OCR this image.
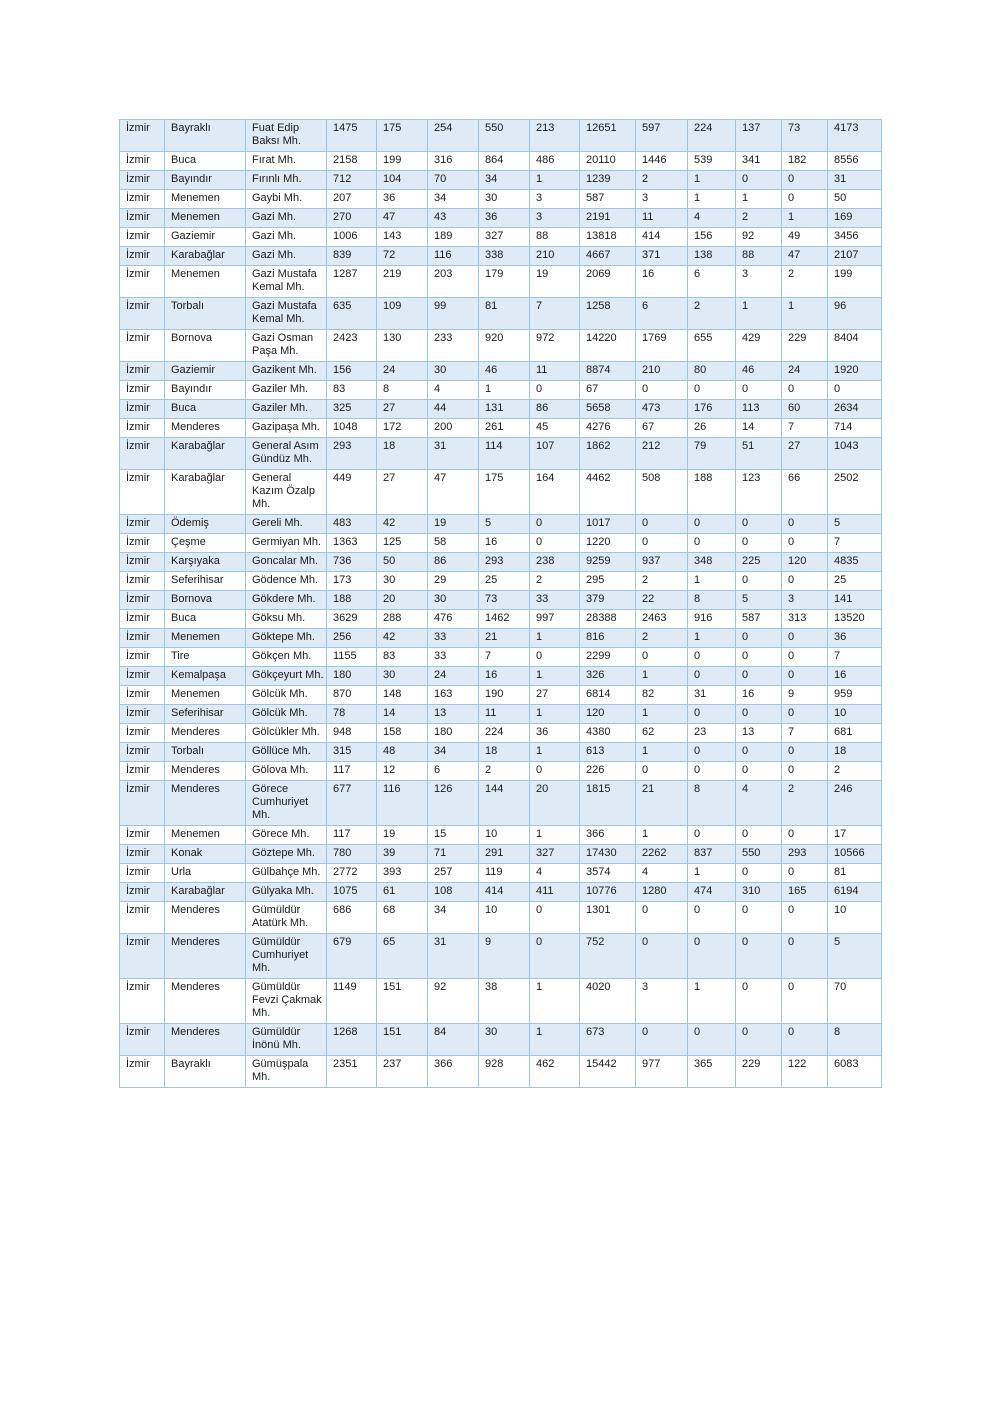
İzmir	Bayraklı	Fuat Edip Baksı Mh.	1475	175	254	550	213	12651	597	224	137	73	4173
İzmir	Buca	Fırat Mh.	2158	199	316	864	486	20110	1446	539	341	182	8556
İzmir	Bayındır	Fırınlı Mh.	712	104	70	34	1	1239	2	1	0	0	31
İzmir	Menemen	Gaybi Mh.	207	36	34	30	3	587	3	1	1	0	50
İzmir	Menemen	Gazi Mh.	270	47	43	36	3	2191	11	4	2	1	169
İzmir	Gaziemir	Gazi Mh.	1006	143	189	327	88	13818	414	156	92	49	3456
İzmir	Karabağlar	Gazi Mh.	839	72	116	338	210	4667	371	138	88	47	2107
İzmir	Menemen	Gazi Mustafa Kemal Mh.	1287	219	203	179	19	2069	16	6	3	2	199
İzmir	Torbalı	Gazi Mustafa Kemal Mh.	635	109	99	81	7	1258	6	2	1	1	96
İzmir	Bornova	Gazi Osman Paşa Mh.	2423	130	233	920	972	14220	1769	655	429	229	8404
İzmir	Gaziemir	Gazikent Mh.	156	24	30	46	11	8874	210	80	46	24	1920
İzmir	Bayındır	Gaziler Mh.	83	8	4	1	0	67	0	0	0	0	0
İzmir	Buca	Gaziler Mh.	325	27	44	131	86	5658	473	176	113	60	2634
İzmir	Menderes	Gazipaşa Mh.	1048	172	200	261	45	4276	67	26	14	7	714
İzmir	Karabağlar	General Asım Gündüz Mh.	293	18	31	114	107	1862	212	79	51	27	1043
İzmir	Karabağlar	General Kazım Özalp Mh.	449	27	47	175	164	4462	508	188	123	66	2502
İzmir	Ödemiş	Gereli Mh.	483	42	19	5	0	1017	0	0	0	0	5
İzmir	Çeşme	Germiyan Mh.	1363	125	58	16	0	1220	0	0	0	0	7
İzmir	Karşıyaka	Goncalar Mh.	736	50	86	293	238	9259	937	348	225	120	4835
İzmir	Seferihisar	Gödence Mh.	173	30	29	25	2	295	2	1	0	0	25
İzmir	Bornova	Gökdere Mh.	188	20	30	73	33	379	22	8	5	3	141
İzmir	Buca	Göksu Mh.	3629	288	476	1462	997	28388	2463	916	587	313	13520
İzmir	Menemen	Göktepe Mh.	256	42	33	21	1	816	2	1	0	0	36
İzmir	Tire	Gökçen Mh.	1155	83	33	7	0	2299	0	0	0	0	7
İzmir	Kemalpaşa	Gökçeyurt Mh.	180	30	24	16	1	326	1	0	0	0	16
İzmir	Menemen	Gölcük Mh.	870	148	163	190	27	6814	82	31	16	9	959
İzmir	Seferihisar	Gölcük Mh.	78	14	13	11	1	120	1	0	0	0	10
İzmir	Menderes	Gölcükler Mh.	948	158	180	224	36	4380	62	23	13	7	681
İzmir	Torbalı	Göllüce Mh.	315	48	34	18	1	613	1	0	0	0	18
İzmir	Menderes	Gölova Mh.	117	12	6	2	0	226	0	0	0	0	2
İzmir	Menderes	Görece Cumhuriyet Mh.	677	116	126	144	20	1815	21	8	4	2	246
İzmir	Menemen	Görece Mh.	117	19	15	10	1	366	1	0	0	0	17
İzmir	Konak	Göztepe Mh.	780	39	71	291	327	17430	2262	837	550	293	10566
İzmir	Urla	Gülbahçe Mh.	2772	393	257	119	4	3574	4	1	0	0	81
İzmir	Karabağlar	Gülyaka Mh.	1075	61	108	414	411	10776	1280	474	310	165	6194
İzmir	Menderes	Gümüldür Atatürk Mh.	686	68	34	10	0	1301	0	0	0	0	10
İzmir	Menderes	Gümüldür Cumhuriyet Mh.	679	65	31	9	0	752	0	0	0	0	5
İzmir	Menderes	Gümüldür Fevzi Çakmak Mh.	1149	151	92	38	1	4020	3	1	0	0	70
İzmir	Menderes	Gümüldür İnönü Mh.	1268	151	84	30	1	673	0	0	0	0	8
İzmir	Bayraklı	Gümüşpala Mh.	2351	237	366	928	462	15442	977	365	229	122	6083
